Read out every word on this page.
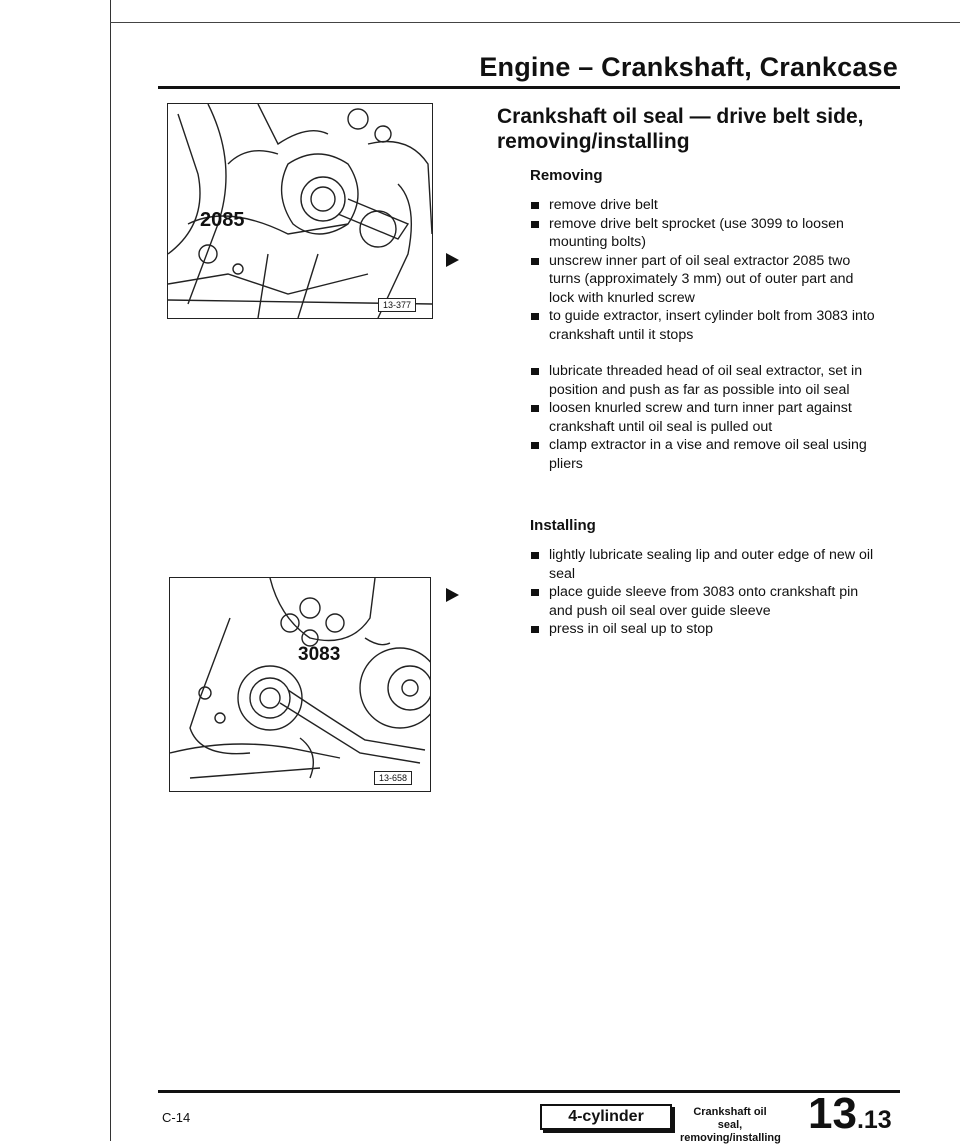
Engine – Crankshaft, Crankcase
2085
13-377
3083
13-658
Crankshaft oil seal — drive belt side, removing/installing
Removing
remove drive belt
remove drive belt sprocket (use 3099 to loosen mounting bolts)
unscrew inner part of oil seal extractor 2085 two turns (approximately 3 mm) out of outer part and lock with knurled screw
to guide extractor, insert cylinder bolt from 3083 into crankshaft until it stops
lubricate threaded head of oil seal extractor, set in position and push as far as possible into oil seal
loosen knurled screw and turn inner part against crankshaft until oil seal is pulled out
clamp extractor in a vise and remove oil seal using pliers
Installing
lightly lubricate sealing lip and outer edge of new oil seal
place guide sleeve from 3083 onto crankshaft pin and push oil seal over guide sleeve
press in oil seal up to stop
C-14	4-cylinder	Crankshaft oil seal,
removing/installing 13.13
